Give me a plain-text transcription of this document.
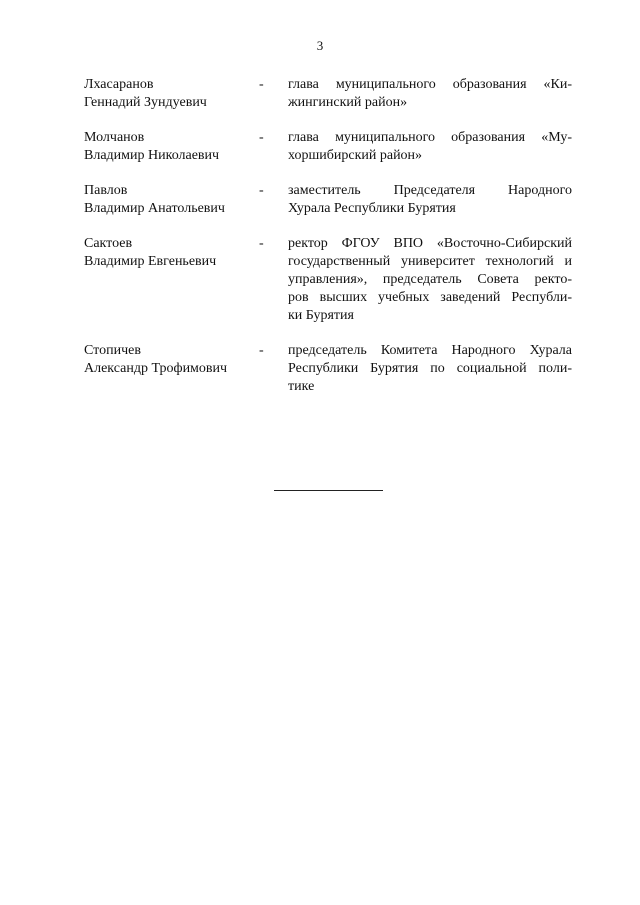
3
Лхасаранов
Геннадий Зундуевич
-	глава муниципального образования «Ки-
жингинский район»

Молчанов
Владимир Николаевич
-	глава муниципального образования «Му-
хоршибирский район»

Павлов
Владимир Анатольевич
-	заместитель Председателя Народного
Хурала Республики Бурятия

Сактоев
Владимир Евгеньевич
-	ректор ФГОУ ВПО «Восточно-Сибирский
государственный университет технологий и
управления», председатель Совета ректо-
ров высших учебных заведений Республи-
ки Бурятия

Стопичев
Александр Трофимович
-	председатель Комитета Народного Хурала
Республики Бурятия по социальной поли-
тике
